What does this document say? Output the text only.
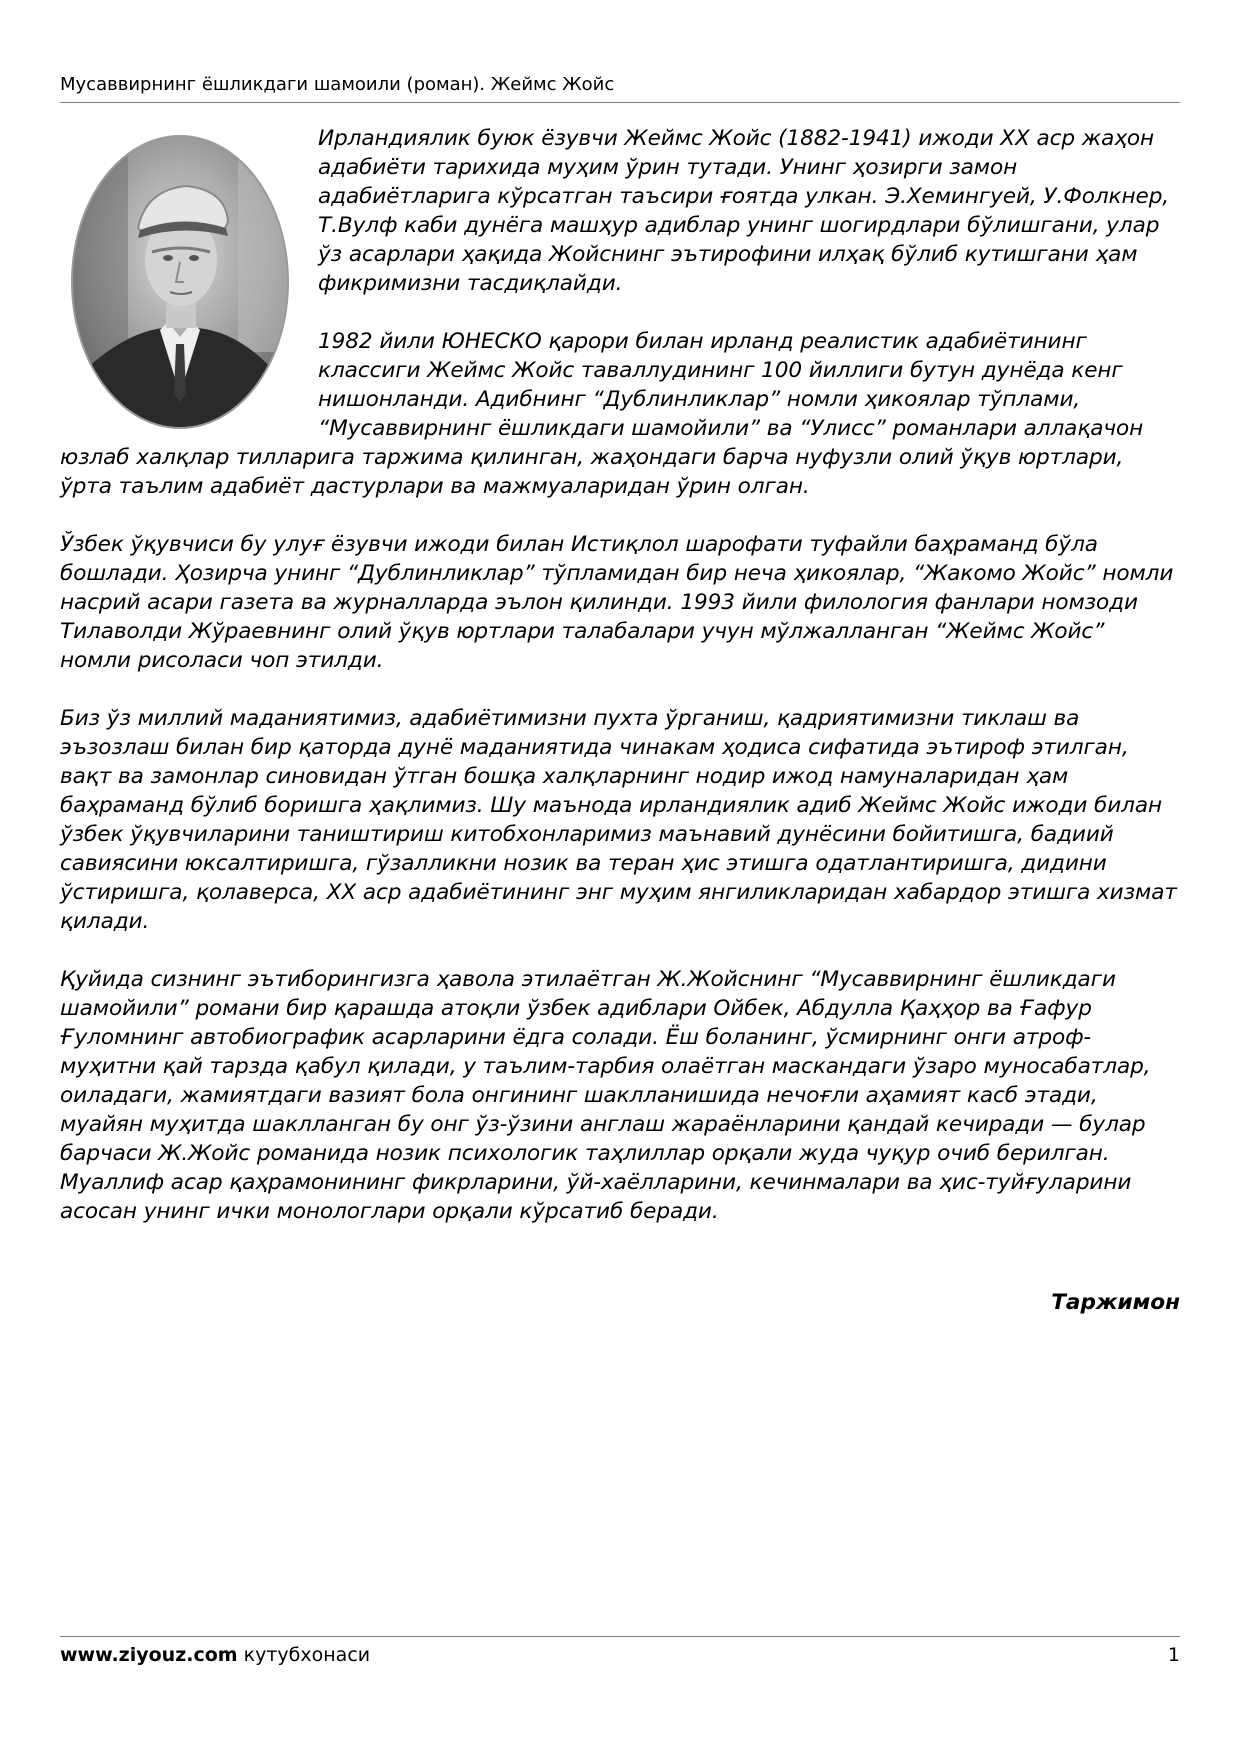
Мусаввирнинг ёшликдаги шамоили (роман). Жеймс Жойс

Ирландиялик буюк ёзувчи Жеймс Жойс (1882-1941) ижоди XX аср жаҳон адабиёти тарихида муҳим ўрин тутади. Унинг ҳозирги замон адабиётларига кўрсатган таъсири ғоятда улкан. Э.Хемингуей, У.Фолкнер, Т.Вулф каби дунёга машҳур адиблар унинг шогирдлари бўлишгани, улар ўз асарлари ҳақида Жойснинг эътирофини илҳақ бўлиб кутишгани ҳам фикримизни тасдиқлайди.

1982 йили ЮНЕСКО қарори билан ирланд реалистик адабиётининг классиги Жеймс Жойс таваллудининг 100 йиллиги бутун дунёда кенг нишонланди. Адибнинг “Дублинликлар” номли ҳикоялар тўплами, “Мусаввирнинг ёшликдаги шамойили” ва “Улисс” романлари аллақачон юзлаб халқлар тилларига таржима қилинган, жаҳондаги барча нуфузли олий ўқув юртлари, ўрта таълим адабиёт дастурлари ва мажмуаларидан ўрин олган.

Ўзбек ўқувчиси бу улуғ ёзувчи ижоди билан Истиқлол шарофати туфайли баҳраманд бўла бошлади. Ҳозирча унинг “Дублинликлар” тўпламидан бир неча ҳикоялар, “Жакомо Жойс” номли насрий асари газета ва журналларда эълон қилинди. 1993 йили филология фанлари номзоди Тилаволди Жўраевнинг олий ўқув юртлари талабалари учун мўлжалланган “Жеймс Жойс” номли рисоласи чоп этилди.

Биз ўз миллий маданиятимиз, адабиётимизни пухта ўрганиш, қадриятимизни тиклаш ва эъзозлаш билан бир қаторда дунё маданиятида чинакам ҳодиса сифатида эътироф этилган, вақт ва замонлар синовидан ўтган бошқа халқларнинг нодир ижод намуналаридан ҳам баҳраманд бўлиб боришга ҳақлимиз. Шу маънода ирландиялик адиб Жеймс Жойс ижоди билан ўзбек ўқувчиларини таништириш китобхонларимиз маънавий дунёсини бойитишга, бадиий савиясини юксалтиришга, гўзалликни нозик ва теран ҳис этишга одатлантиришга, дидини ўстиришга, қолаверса, XX аср адабиётининг энг муҳим янгиликларидан хабардор этишга хизмат қилади.

Қуйида сизнинг эътиборингизга ҳавола этилаётган Ж.Жойснинг “Мусаввирнинг ёшликдаги шамойили” романи бир қарашда атоқли ўзбек адиблари Ойбек, Абдулла Қаҳҳор ва Ғафур Ғуломнинг автобиографик асарларини ёдга солади. Ёш боланинг, ўсмирнинг онги атроф-муҳитни қай тарзда қабул қилади, у таълим-тарбия олаётган маскандаги ўзаро муносабатлар, оиладаги, жамиятдаги вазият бола онгининг шаклланишида нечоғли аҳамият касб этади, муайян муҳитда шаклланган бу онг ўз-ўзини англаш жараёнларини қандай кечиради — булар барчаси Ж.Жойс романида нозик психологик таҳлиллар орқали жуда чуқур очиб берилган. Муаллиф асар қаҳрамонининг фикрларини, ўй-хаёлларини, кечинмалари ва ҳис-туйғуларини асосан унинг ички монологлари орқали кўрсатиб беради.

Таржимон
www.ziyouz.com кутубхонаси	1
